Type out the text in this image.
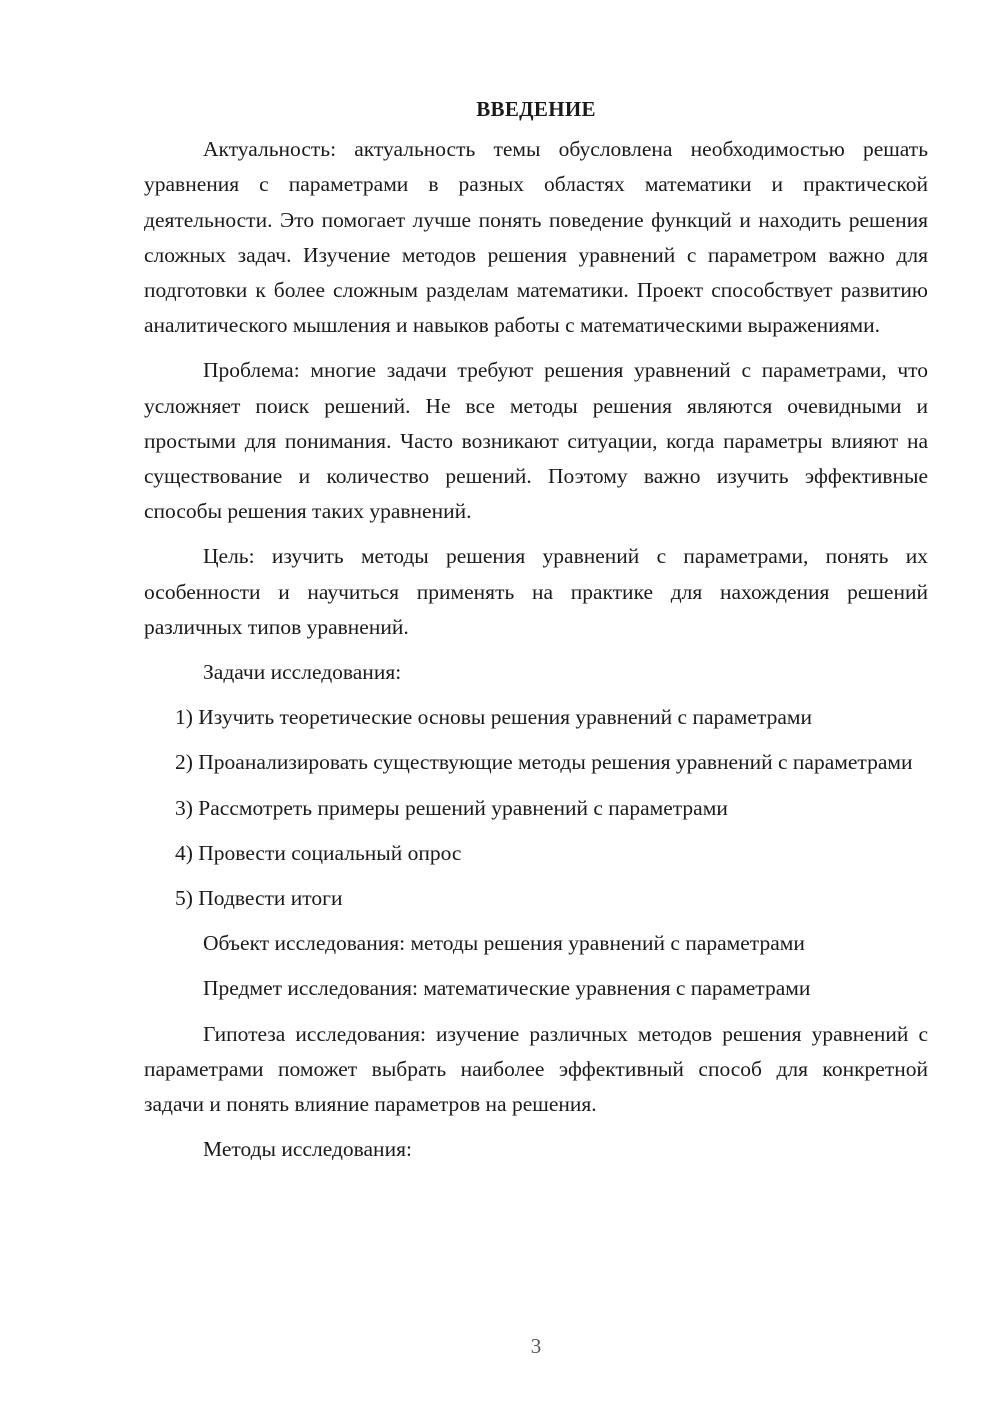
ВВЕДЕНИЕ

Актуальность: актуальность темы обусловлена необходимостью решать уравнения с параметрами в разных областях математики и практической деятельности. Это помогает лучше понять поведение функций и находить решения сложных задач. Изучение методов решения уравнений с параметром важно для подготовки к более сложным разделам математики. Проект способствует развитию аналитического мышления и навыков работы с математическими выражениями.

Проблема: многие задачи требуют решения уравнений с параметрами, что усложняет поиск решений. Не все методы решения являются очевидными и простыми для понимания. Часто возникают ситуации, когда параметры влияют на существование и количество решений. Поэтому важно изучить эффективные способы решения таких уравнений.

Цель: изучить методы решения уравнений с параметрами, понять их особенности и научиться применять на практике для нахождения решений различных типов уравнений.

Задачи исследования:

1) Изучить теоретические основы решения уравнений с параметрами

2) Проанализировать существующие методы решения уравнений с параметрами

3) Рассмотреть примеры решений уравнений с параметрами

4) Провести социальный опрос

5) Подвести итоги

Объект исследования: методы решения уравнений с параметрами

Предмет исследования: математические уравнения с параметрами

Гипотеза исследования: изучение различных методов решения уравнений с параметрами поможет выбрать наиболее эффективный способ для конкретной задачи и понять влияние параметров на решения.

Методы исследования:

3
